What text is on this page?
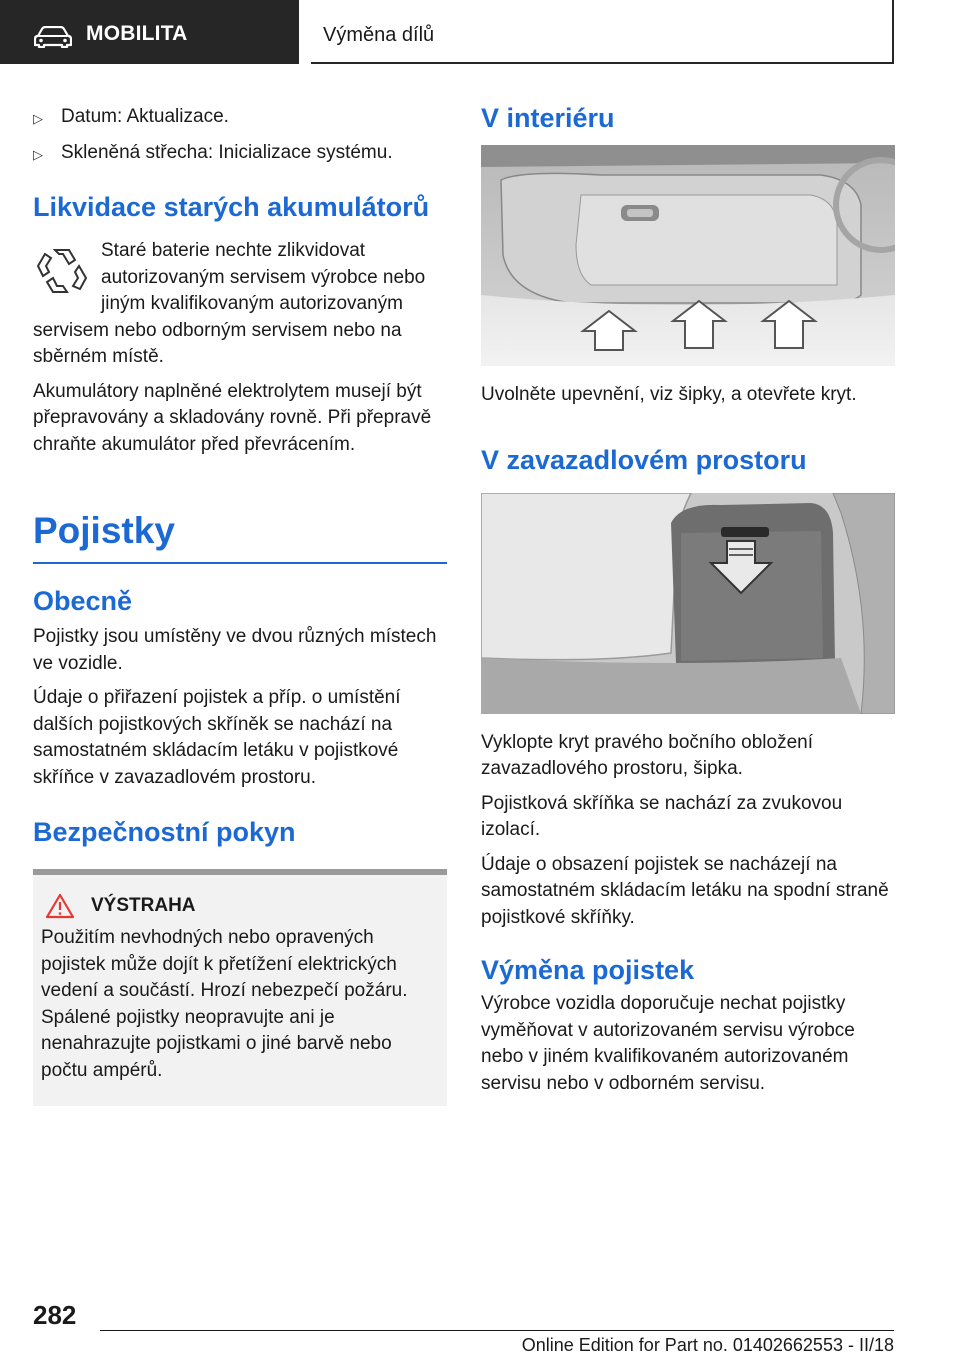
MOBILITA	Výměna dílů
▷ Datum: Aktualizace.
▷ Skleněná střecha: Inicializace systému.
Likvidace starých akumulátorů

Staré baterie nechte zlikvidovat autorizovaným servisem výrobce nebo jiným kvalifikovaným autorizovaným servisem nebo odborným servisem nebo na sběrném místě.

Akumulátory naplněné elektrolytem musejí být přepravovány a skladovány rovně. Při přepravě chraňte akumulátor před převrácením.

Pojistky
Obecně

Pojistky jsou umístěny ve dvou různých místech ve vozidle.

Údaje o přiřazení pojistek a příp. o umístění dalších pojistkových skříněk se nachází na samostatném skládacím letáku v pojistkové skříňce v zavazadlovém prostoru.

Bezpečnostní pokyn
VÝSTRAHA

Použitím nevhodných nebo opravených pojistek může dojít k přetížení elektrických vedení a součástí. Hrozí nebezpečí požáru. Spálené pojistky neopravujte ani je nenahrazujte pojistkami o jiné barvě nebo počtu ampérů.

V interiéru

Uvolněte upevnění, viz šipky, a otevřete kryt.

V zavazadlovém prostoru

Vyklopte kryt pravého bočního obložení zavazadlového prostoru, šipka.

Pojistková skříňka se nachází za zvukovou izolací.

Údaje o obsazení pojistek se nacházejí na samostatném skládacím letáku na spodní straně pojistkové skříňky.

Výměna pojistek

Výrobce vozidla doporučuje nechat pojistky vyměňovat v autorizovaném servisu výrobce nebo v jiném kvalifikovaném autorizovaném servisu nebo v odborném servisu.

282
Online Edition for Part no. 01402662553 - II/18
